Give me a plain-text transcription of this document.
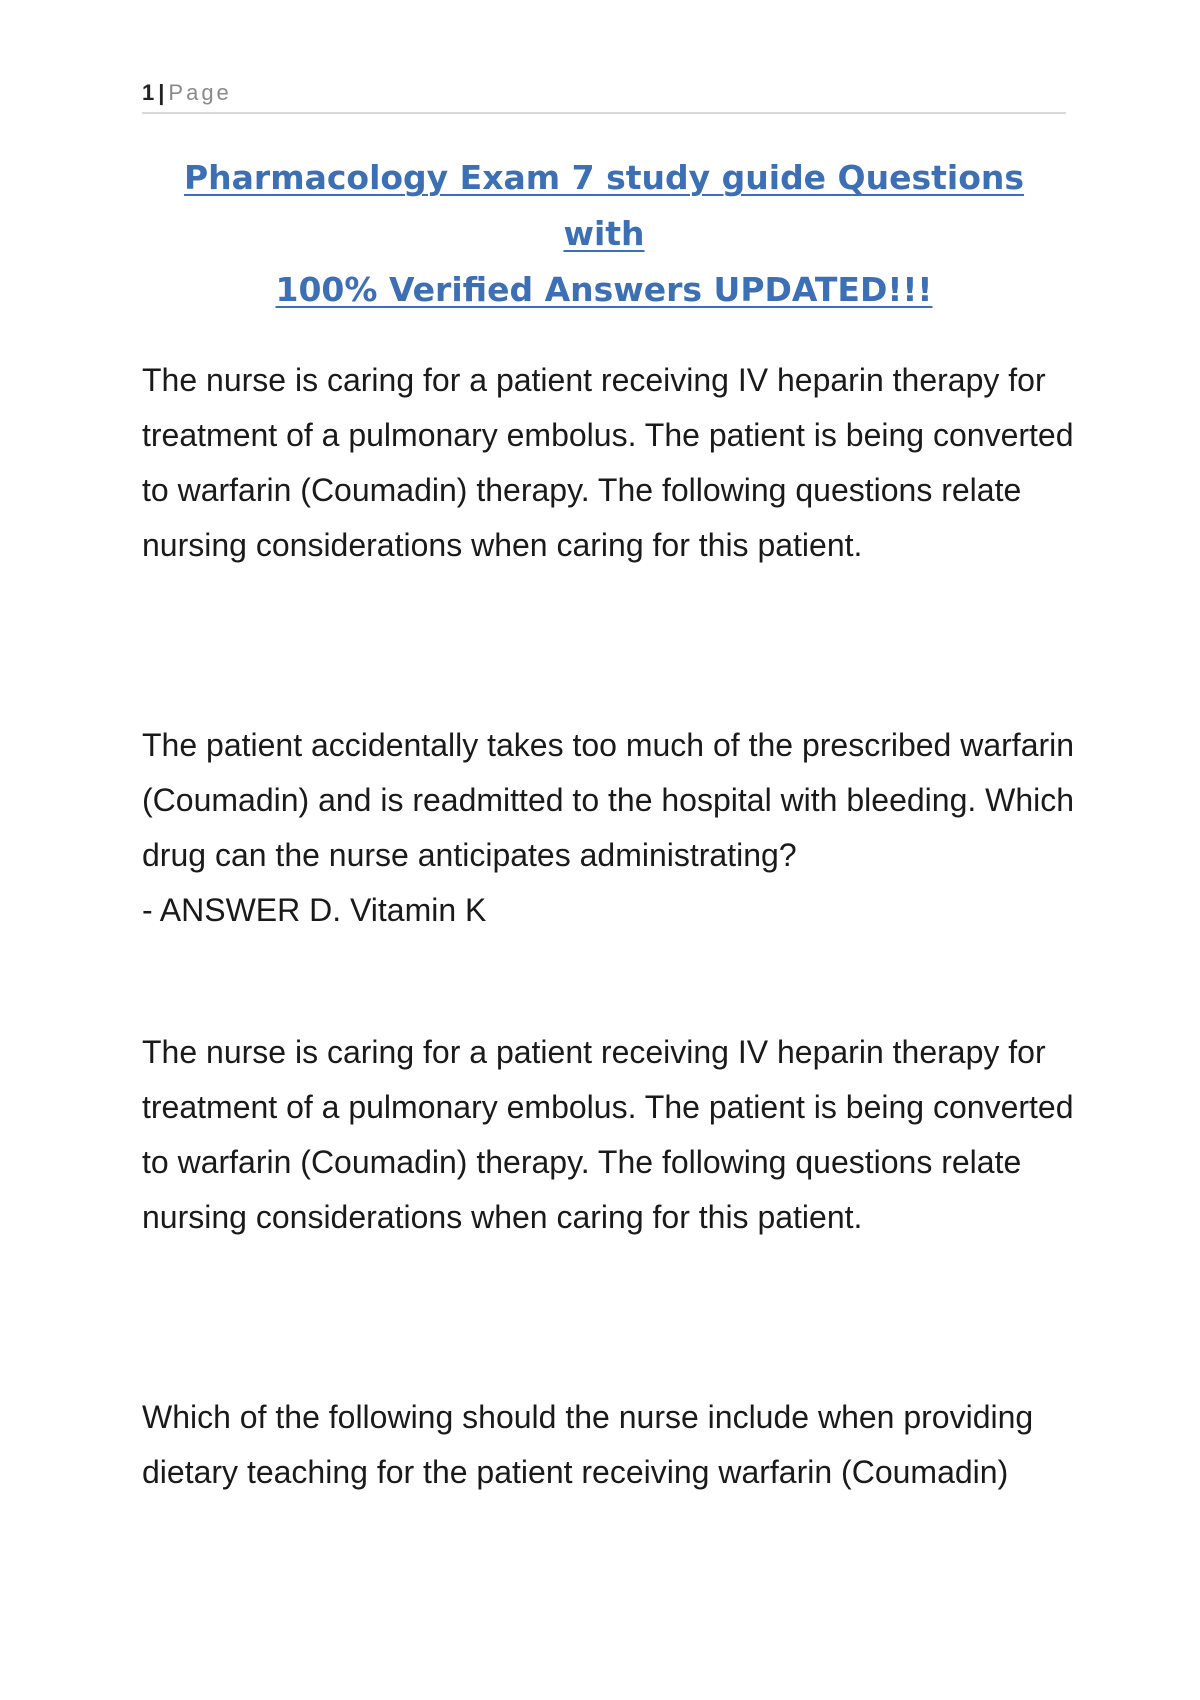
1 | Page
Pharmacology Exam 7 study guide Questions with
100% Verified Answers UPDATED!!!

The nurse is caring for a patient receiving IV heparin therapy for treatment of a pulmonary embolus. The patient is being converted to warfarin (Coumadin) therapy. The following questions relate nursing considerations when caring for this patient.

The patient accidentally takes too much of the prescribed warfarin (Coumadin) and is readmitted to the hospital with bleeding. Which drug can the nurse anticipates administrating?
- ANSWER D. Vitamin K

The nurse is caring for a patient receiving IV heparin therapy for treatment of a pulmonary embolus. The patient is being converted to warfarin (Coumadin) therapy. The following questions relate nursing considerations when caring for this patient.

Which of the following should the nurse include when providing dietary teaching for the patient receiving warfarin (Coumadin)
